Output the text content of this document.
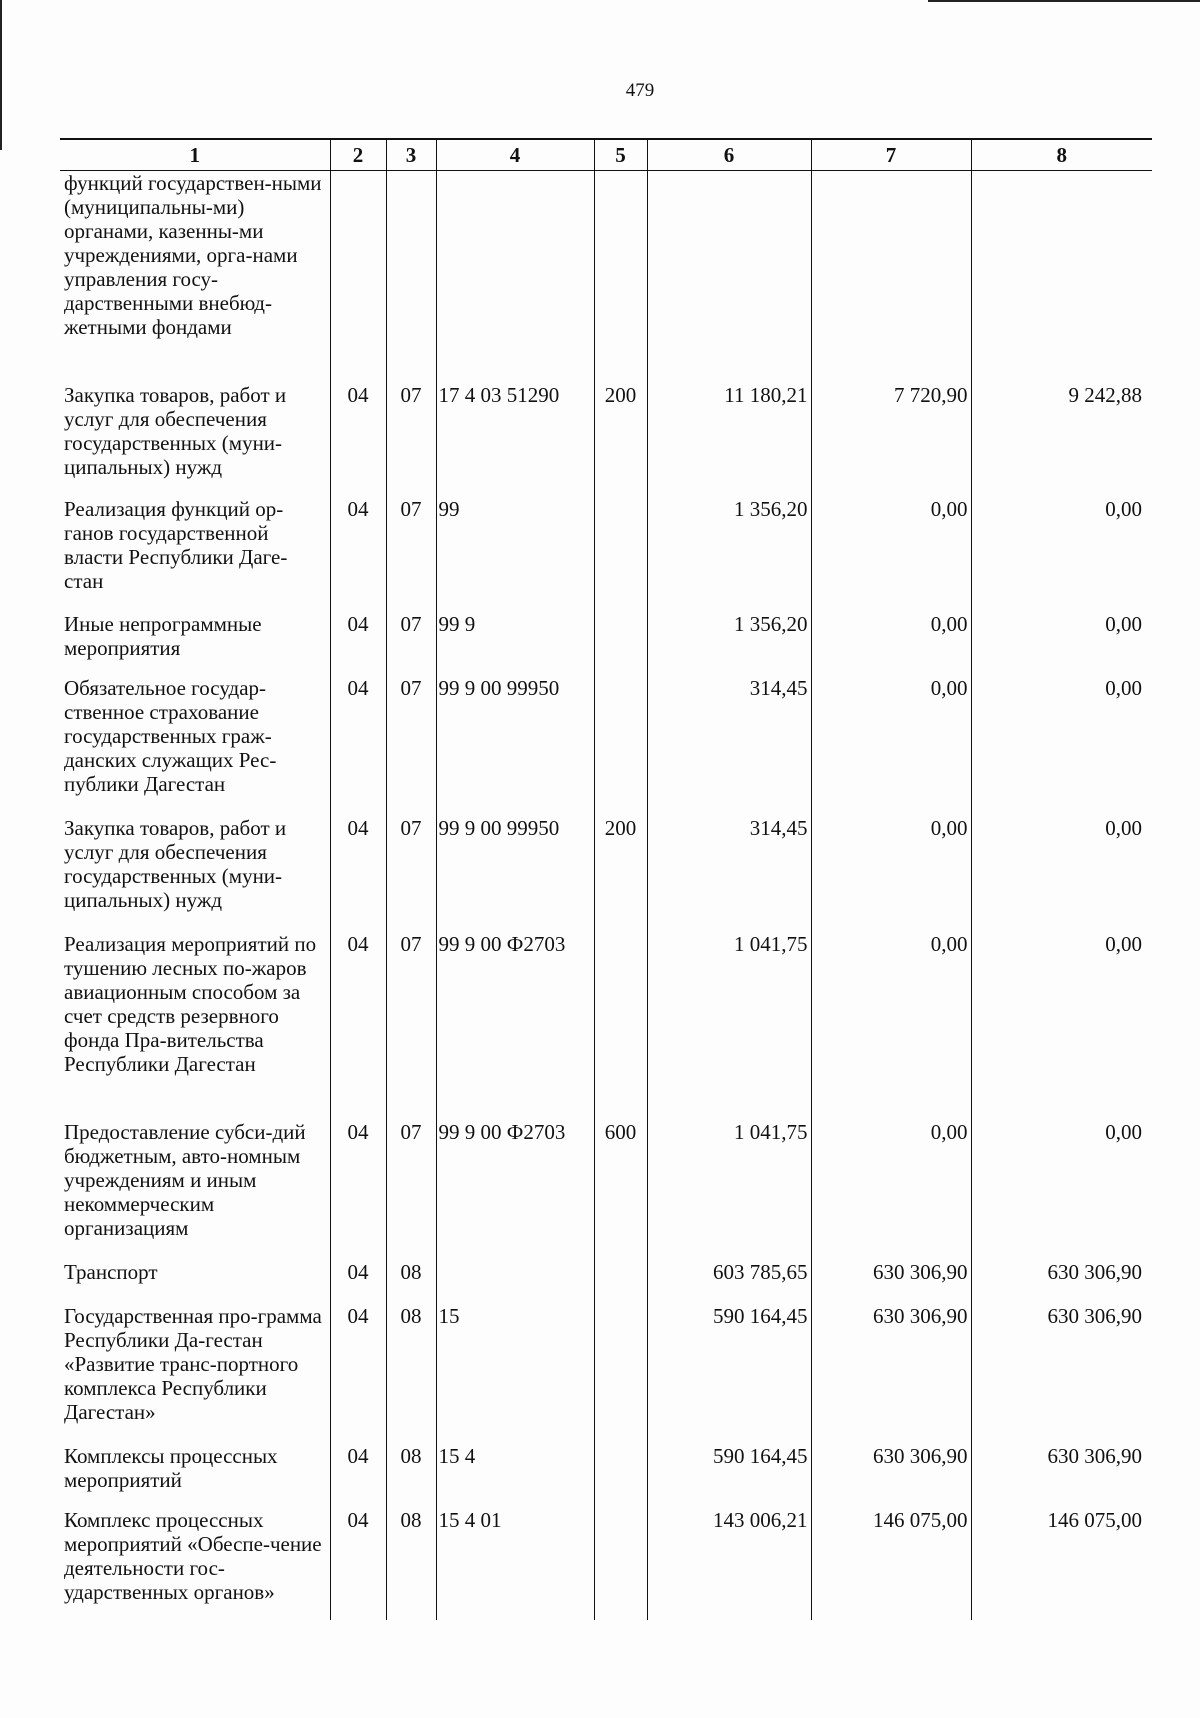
479
1	2	3	4	5	6	7	8
функций государствен-ными (муниципальны-ми) органами, казенны-ми учреждениями, орга-нами управления госу-дарственными внебюд-жетными фондами							
Закупка товаров, работ и услуг для обеспечения государственных (муни-ципальных) нужд	04	07	17 4 03 51290	200	11 180,21	7 720,90	9 242,88
Реализация функций ор-ганов государственной власти Республики Даге-стан	04	07	99		1 356,20	0,00	0,00
Иные непрограммные мероприятия	04	07	99 9		1 356,20	0,00	0,00
Обязательное государ-ственное страхование государственных граж-данских служащих Рес-публики Дагестан	04	07	99 9 00 99950		314,45	0,00	0,00
Закупка товаров, работ и услуг для обеспечения государственных (муни-ципальных) нужд	04	07	99 9 00 99950	200	314,45	0,00	0,00
Реализация мероприятий по тушению лесных по-жаров авиационным способом за счет средств резервного фонда Пра-вительства Республики Дагестан	04	07	99 9 00 Ф2703		1 041,75	0,00	0,00
Предоставление субси-дий бюджетным, авто-номным учреждениям и иным некоммерческим организациям	04	07	99 9 00 Ф2703	600	1 041,75	0,00	0,00
Транспорт	04	08			603 785,65	630 306,90	630 306,90
Государственная про-грамма Республики Да-гестан «Развитие транс-портного комплекса Республики Дагестан»	04	08	15		590 164,45	630 306,90	630 306,90
Комплексы процессных мероприятий	04	08	15 4		590 164,45	630 306,90	630 306,90
Комплекс процессных мероприятий «Обеспе-чение деятельности гос-ударственных органов»	04	08	15 4 01		143 006,21	146 075,00	146 075,00
